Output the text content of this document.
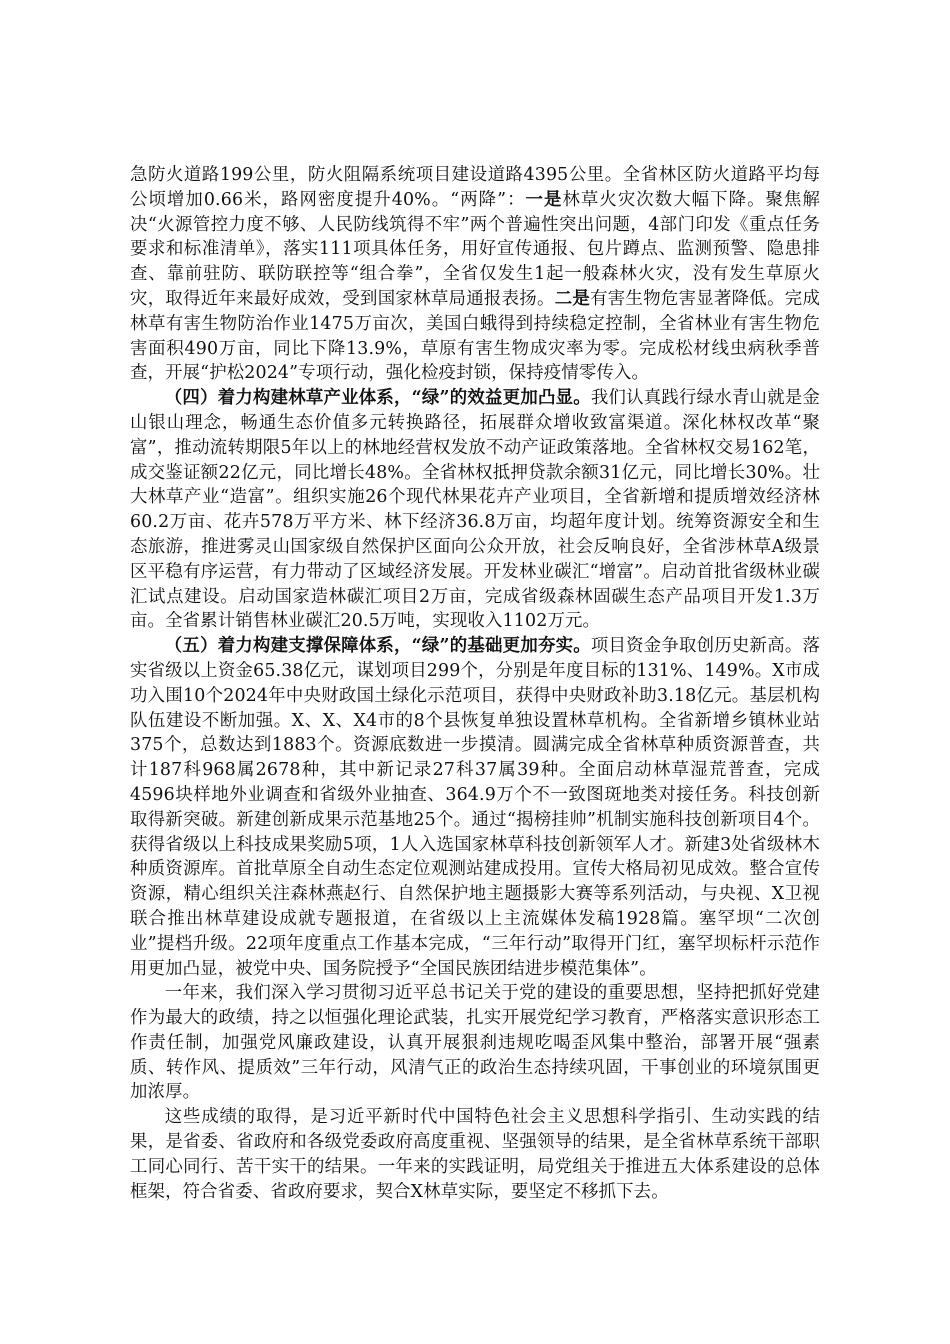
急防火道路199公里，防火阻隔系统项目建设道路4395公里。全省林区防火道路平均每公顷增加0.66米，路网密度提升40%。“两降”：一是林草火灾次数大幅下降。聚焦解决“火源管控力度不够、人民防线筑得不牢”两个普遍性突出问题，4部门印发《重点任务要求和标准清单》，落实111项具体任务，用好宣传通报、包片蹲点、监测预警、隐患排查、靠前驻防、联防联控等“组合拳”，全省仅发生1起一般森林火灾，没有发生草原火灾，取得近年来最好成效，受到国家林草局通报表扬。二是有害生物危害显著降低。完成林草有害生物防治作业1475万亩次，美国白蛾得到持续稳定控制，全省林业有害生物危害面积490万亩，同比下降13.9%，草原有害生物成灾率为零。完成松材线虫病秋季普查，开展“护松2024”专项行动，强化检疫封锁，保持疫情零传入。

（四）着力构建林草产业体系，“绿”的效益更加凸显。我们认真践行绿水青山就是金山银山理念，畅通生态价值多元转换路径，拓展群众增收致富渠道。深化林权改革“聚富”，推动流转期限5年以上的林地经营权发放不动产证政策落地。全省林权交易162笔，成交鉴证额22亿元，同比增长48%。全省林权抵押贷款余额31亿元，同比增长30%。壮大林草产业“造富”。组织实施26个现代林果花卉产业项目，全省新增和提质增效经济林60.2万亩、花卉578万平方米、林下经济36.8万亩，均超年度计划。统筹资源安全和生态旅游，推进雾灵山国家级自然保护区面向公众开放，社会反响良好，全省涉林草A级景区平稳有序运营，有力带动了区域经济发展。开发林业碳汇“增富”。启动首批省级林业碳汇试点建设。启动国家造林碳汇项目2万亩，完成省级森林固碳生态产品项目开发1.3万亩。全省累计销售林业碳汇20.5万吨，实现收入1102万元。

（五）着力构建支撑保障体系，“绿”的基础更加夯实。项目资金争取创历史新高。落实省级以上资金65.38亿元，谋划项目299个，分别是年度目标的131%、149%。X市成功入围10个2024年中央财政国土绿化示范项目，获得中央财政补助3.18亿元。基层机构队伍建设不断加强。X、X、X4市的8个县恢复单独设置林草机构。全省新增乡镇林业站375个，总数达到1883个。资源底数进一步摸清。圆满完成全省林草种质资源普查，共计187科968属2678种，其中新记录27科37属39种。全面启动林草湿荒普查，完成4596块样地外业调查和省级外业抽查、364.9万个不一致图斑地类对接任务。科技创新取得新突破。新建创新成果示范基地25个。通过“揭榜挂帅”机制实施科技创新项目4个。获得省级以上科技成果奖励5项，1人入选国家林草科技创新领军人才。新建3处省级林木种质资源库。首批草原全自动生态定位观测站建成投用。宣传大格局初见成效。整合宣传资源，精心组织关注森林燕赵行、自然保护地主题摄影大赛等系列活动，与央视、X卫视联合推出林草建设成就专题报道，在省级以上主流媒体发稿1928篇。塞罕坝“二次创业”提档升级。22项年度重点工作基本完成，“三年行动”取得开门红，塞罕坝标杆示范作用更加凸显，被党中央、国务院授予“全国民族团结进步模范集体”。

一年来，我们深入学习贯彻习近平总书记关于党的建设的重要思想，坚持把抓好党建作为最大的政绩，持之以恒强化理论武装，扎实开展党纪学习教育，严格落实意识形态工作责任制，加强党风廉政建设，认真开展狠刹违规吃喝歪风集中整治，部署开展“强素质、转作风、提质效”三年行动，风清气正的政治生态持续巩固，干事创业的环境氛围更加浓厚。

这些成绩的取得，是习近平新时代中国特色社会主义思想科学指引、生动实践的结果，是省委、省政府和各级党委政府高度重视、坚强领导的结果，是全省林草系统干部职工同心同行、苦干实干的结果。一年来的实践证明，局党组关于推进五大体系建设的总体框架，符合省委、省政府要求，契合X林草实际，要坚定不移抓下去。
